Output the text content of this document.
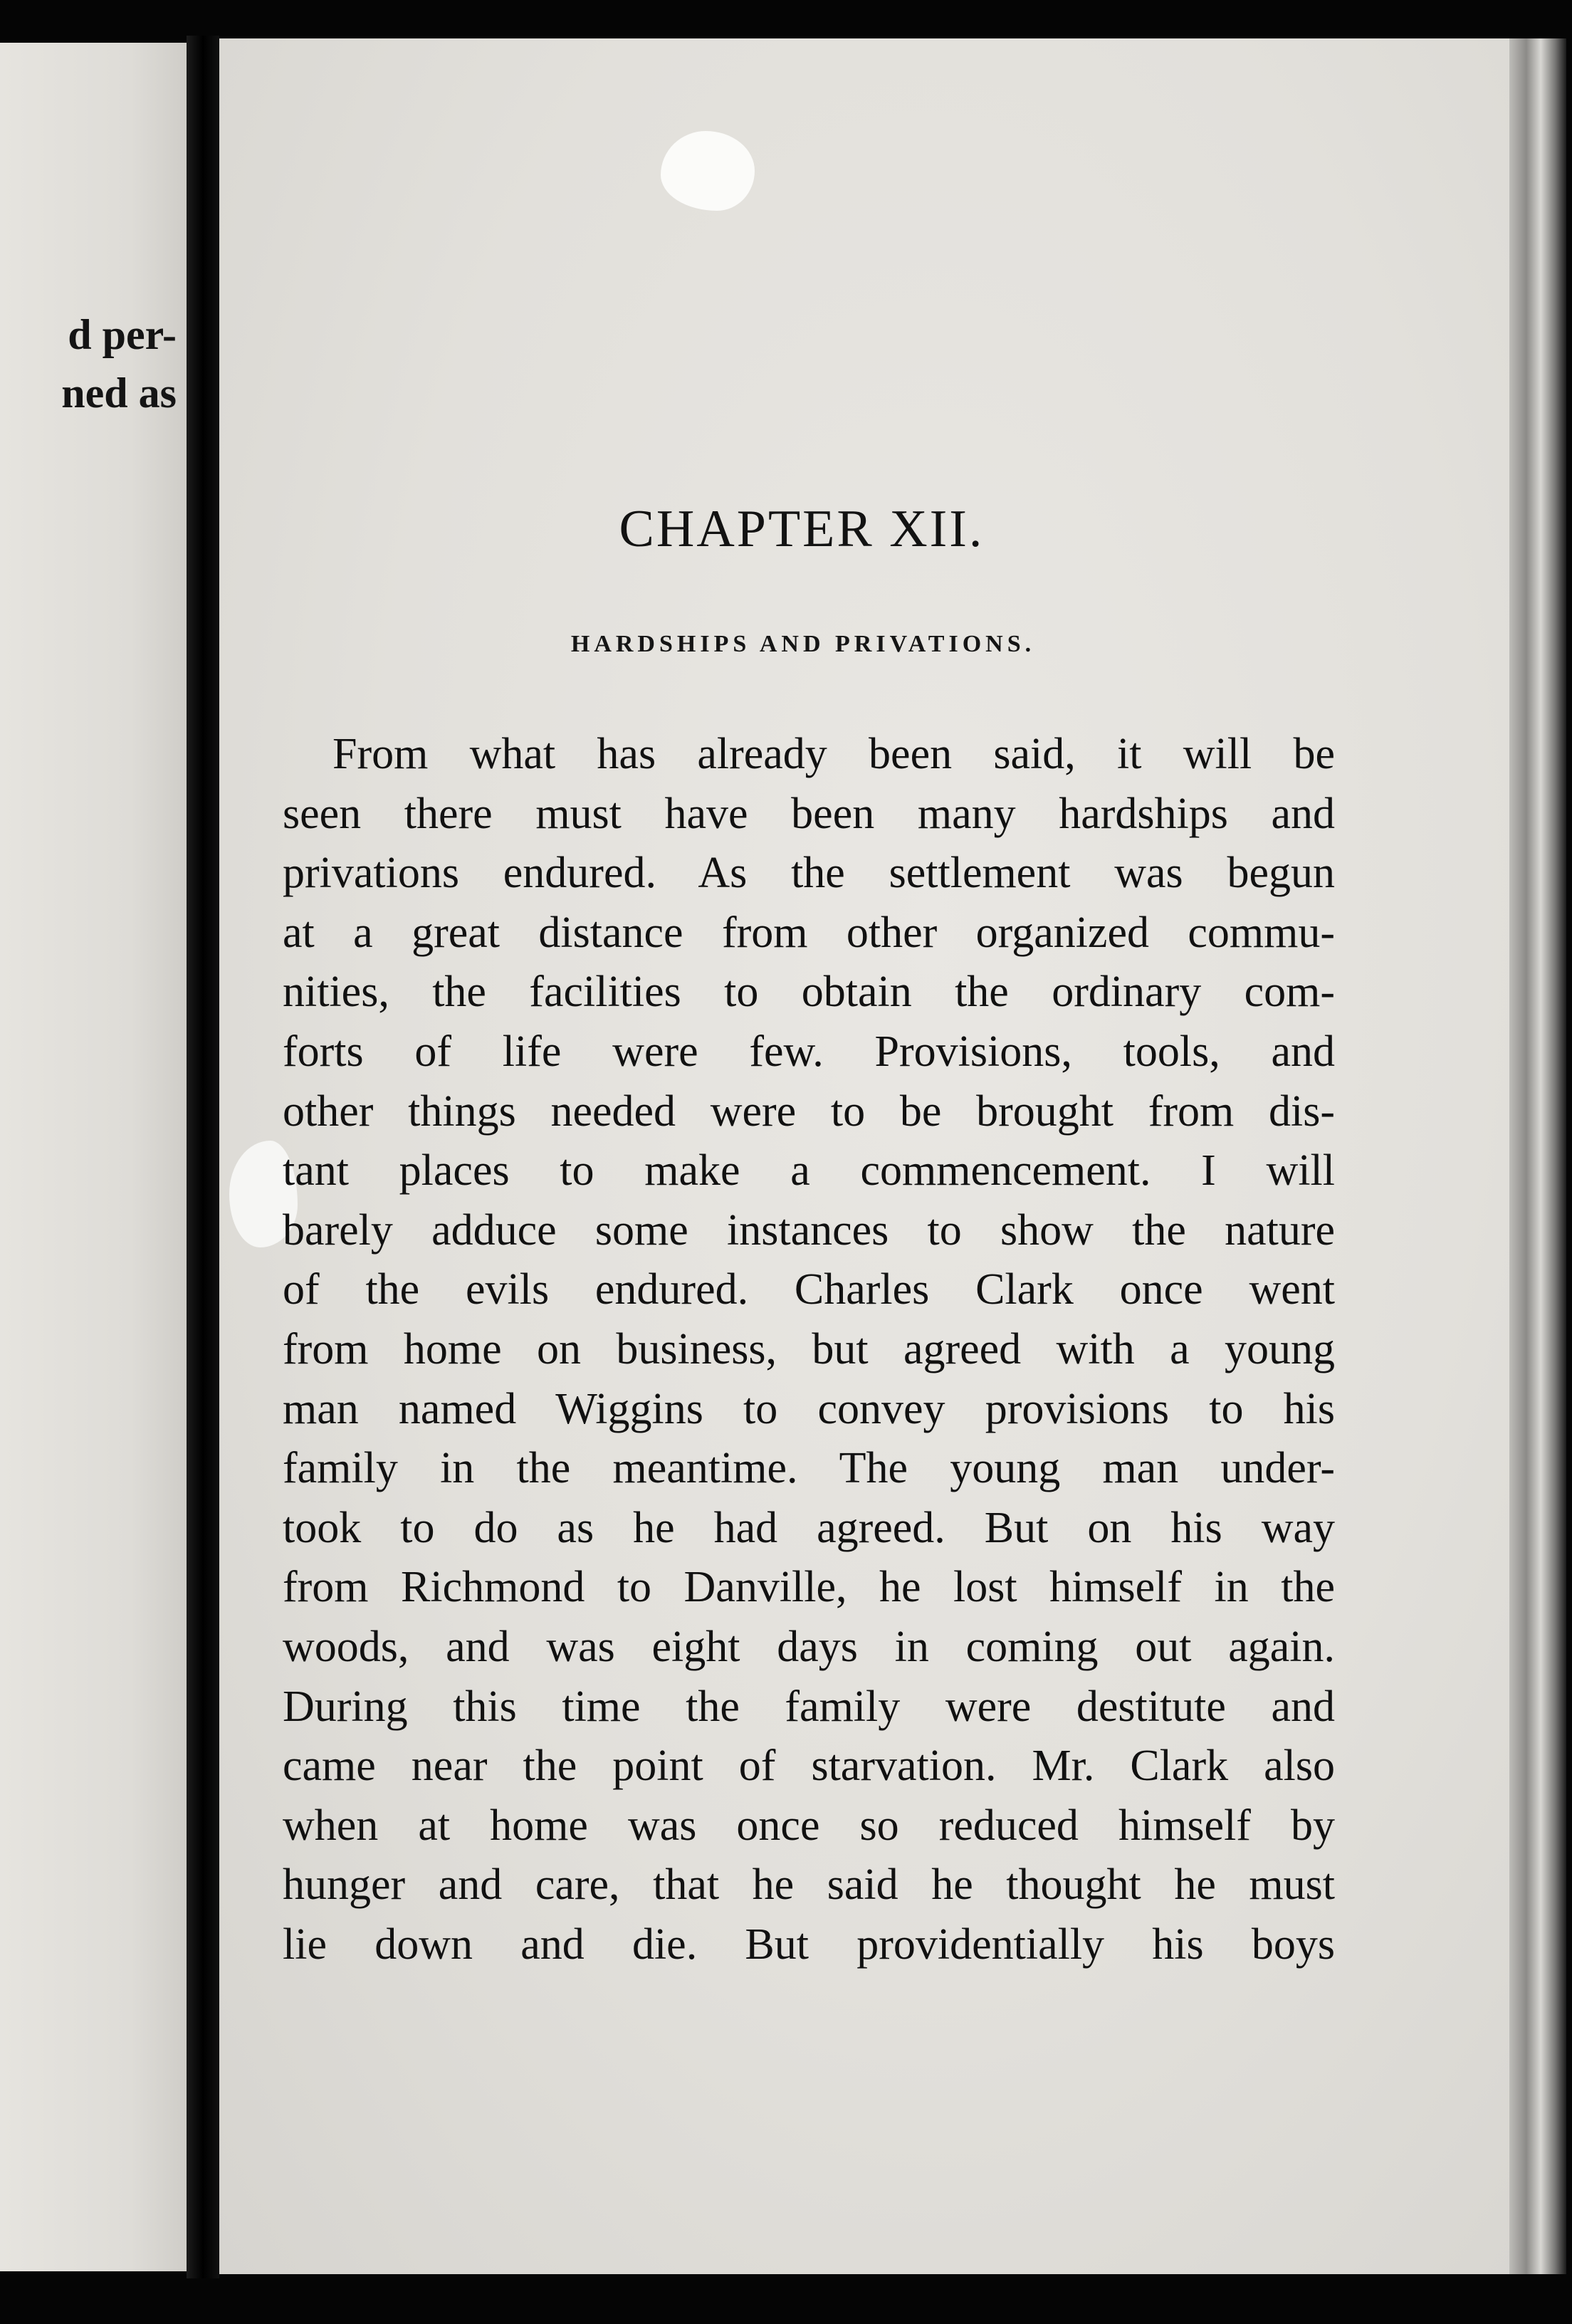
d per-
ned as
CHAPTER XII.
HARDSHIPS AND PRIVATIONS.
From what has already been said, it will be
seen there must have been many hardships and
privations endured. As the settlement was begun
at a great distance from other organized commu-
nities, the facilities to obtain the ordinary com-
forts of life were few. Provisions, tools, and
other things needed were to be brought from dis-
tant places to make a commencement. I will
barely adduce some instances to show the nature
of the evils endured. Charles Clark once went
from home on business, but agreed with a young
man named Wiggins to convey provisions to his
family in the meantime. The young man under-
took to do as he had agreed. But on his way
from Richmond to Danville, he lost himself in the
woods, and was eight days in coming out again.
During this time the family were destitute and
came near the point of starvation. Mr. Clark also
when at home was once so reduced himself by
hunger and care, that he said he thought he must
lie down and die. But providentially his boys
